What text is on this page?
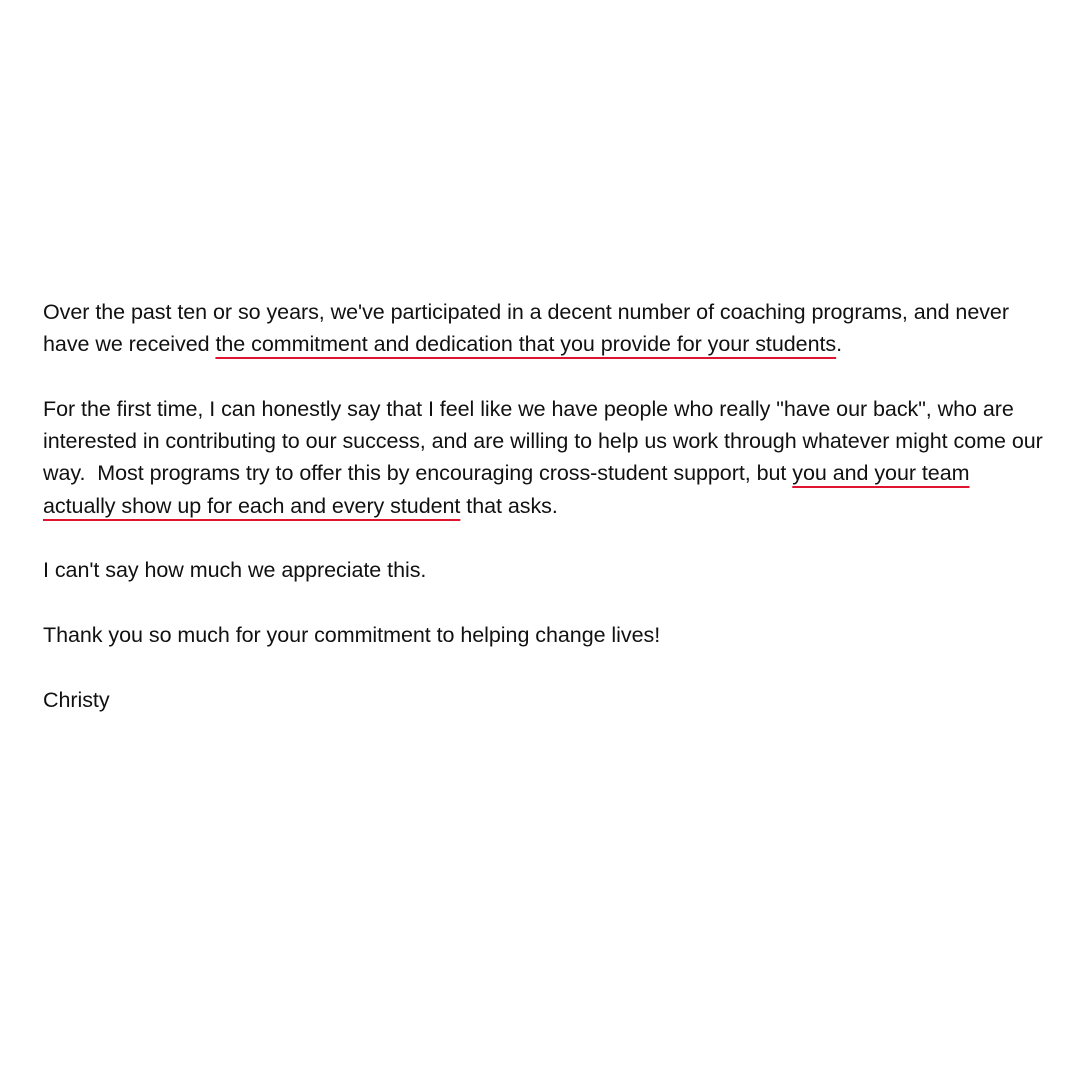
Over the past ten or so years, we've participated in a decent number of coaching programs, and never have we received the commitment and dedication that you provide for your students.

For the first time, I can honestly say that I feel like we have people who really "have our back", who are interested in contributing to our success, and are willing to help us work through whatever might come our way.  Most programs try to offer this by encouraging cross-student support, but you and your team actually show up for each and every student that asks.

I can't say how much we appreciate this.

Thank you so much for your commitment to helping change lives!

Christy
